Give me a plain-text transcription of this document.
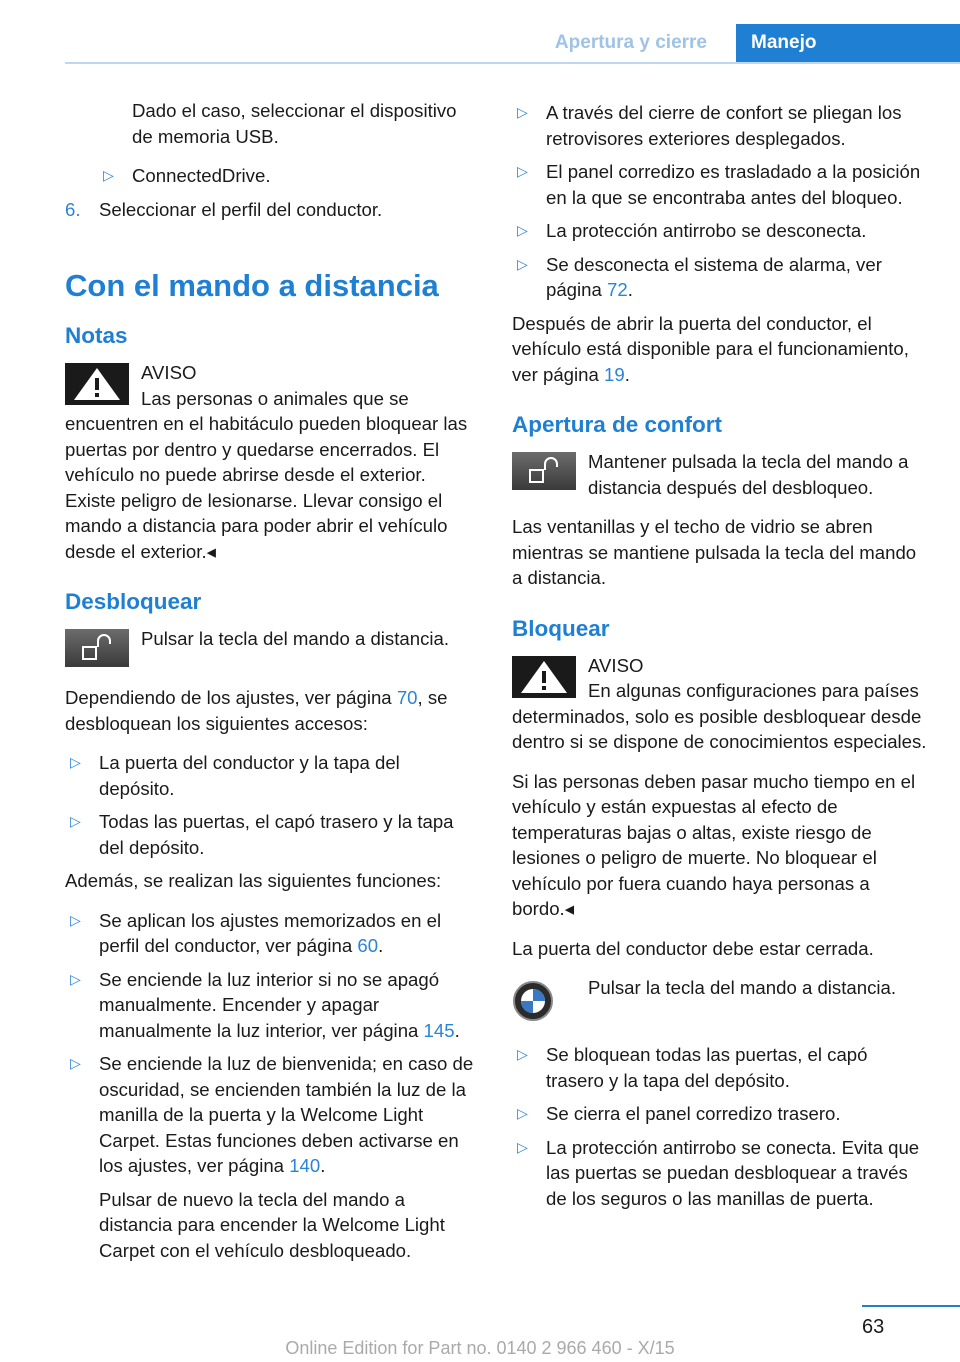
Apertura y cierre	Manejo

Dado el caso, seleccionar el dispositivo de memoria USB.

▷ ConnectedDrive.
6. Seleccionar el perfil del conductor.
Con el mando a distancia
Notas
AVISO
Las personas o animales que se encuentren en el habitáculo pueden bloquear las puertas por dentro y quedarse encerrados. El vehículo no puede abrirse desde el exterior. Existe peligro de lesionarse. Llevar consigo el mando a distancia para poder abrir el vehículo desde el exterior.◂
Desbloquear
Pulsar la tecla del mando a distancia.

Dependiendo de los ajustes, ver página 70, se desbloquean los siguientes accesos:

▷ La puerta del conductor y la tapa del depósito.
▷ Todas las puertas, el capó trasero y la tapa del depósito.

Además, se realizan las siguientes funciones:

▷ Se aplican los ajustes memorizados en el perfil del conductor, ver página 60.
▷ Se enciende la luz interior si no se apagó manualmente. Encender y apagar manualmente la luz interior, ver página 145.
▷ Se enciende la luz de bienvenida; en caso de oscuridad, se encienden también la luz de la manilla de la puerta y la Welcome Light Carpet. Estas funciones deben activarse en los ajustes, ver página 140.

Pulsar de nuevo la tecla del mando a distancia para encender la Welcome Light Carpet con el vehículo desbloqueado.

▷ A través del cierre de confort se pliegan los retrovisores exteriores desplegados.
▷ El panel corredizo es trasladado a la posición en la que se encontraba antes del bloqueo.
▷ La protección antirrobo se desconecta.
▷ Se desconecta el sistema de alarma, ver página 72.

Después de abrir la puerta del conductor, el vehículo está disponible para el funcionamiento, ver página 19.

Apertura de confort
Mantener pulsada la tecla del mando a distancia después del desbloqueo.

Las ventanillas y el techo de vidrio se abren mientras se mantiene pulsada la tecla del mando a distancia.

Bloquear
AVISO
En algunas configuraciones para países determinados, solo es posible desbloquear desde dentro si se dispone de conocimientos especiales.

Si las personas deben pasar mucho tiempo en el vehículo y están expuestas al efecto de temperaturas bajas o altas, existe riesgo de lesiones o peligro de muerte. No bloquear el vehículo por fuera cuando haya personas a bordo.◂

La puerta del conductor debe estar cerrada.

Pulsar la tecla del mando a distancia.
▷ Se bloquean todas las puertas, el capó trasero y la tapa del depósito.
▷ Se cierra el panel corredizo trasero.
▷ La protección antirrobo se conecta. Evita que las puertas se puedan desbloquear a través de los seguros o las manillas de puerta.
63
Online Edition for Part no. 0140 2 966 460 - X/15
